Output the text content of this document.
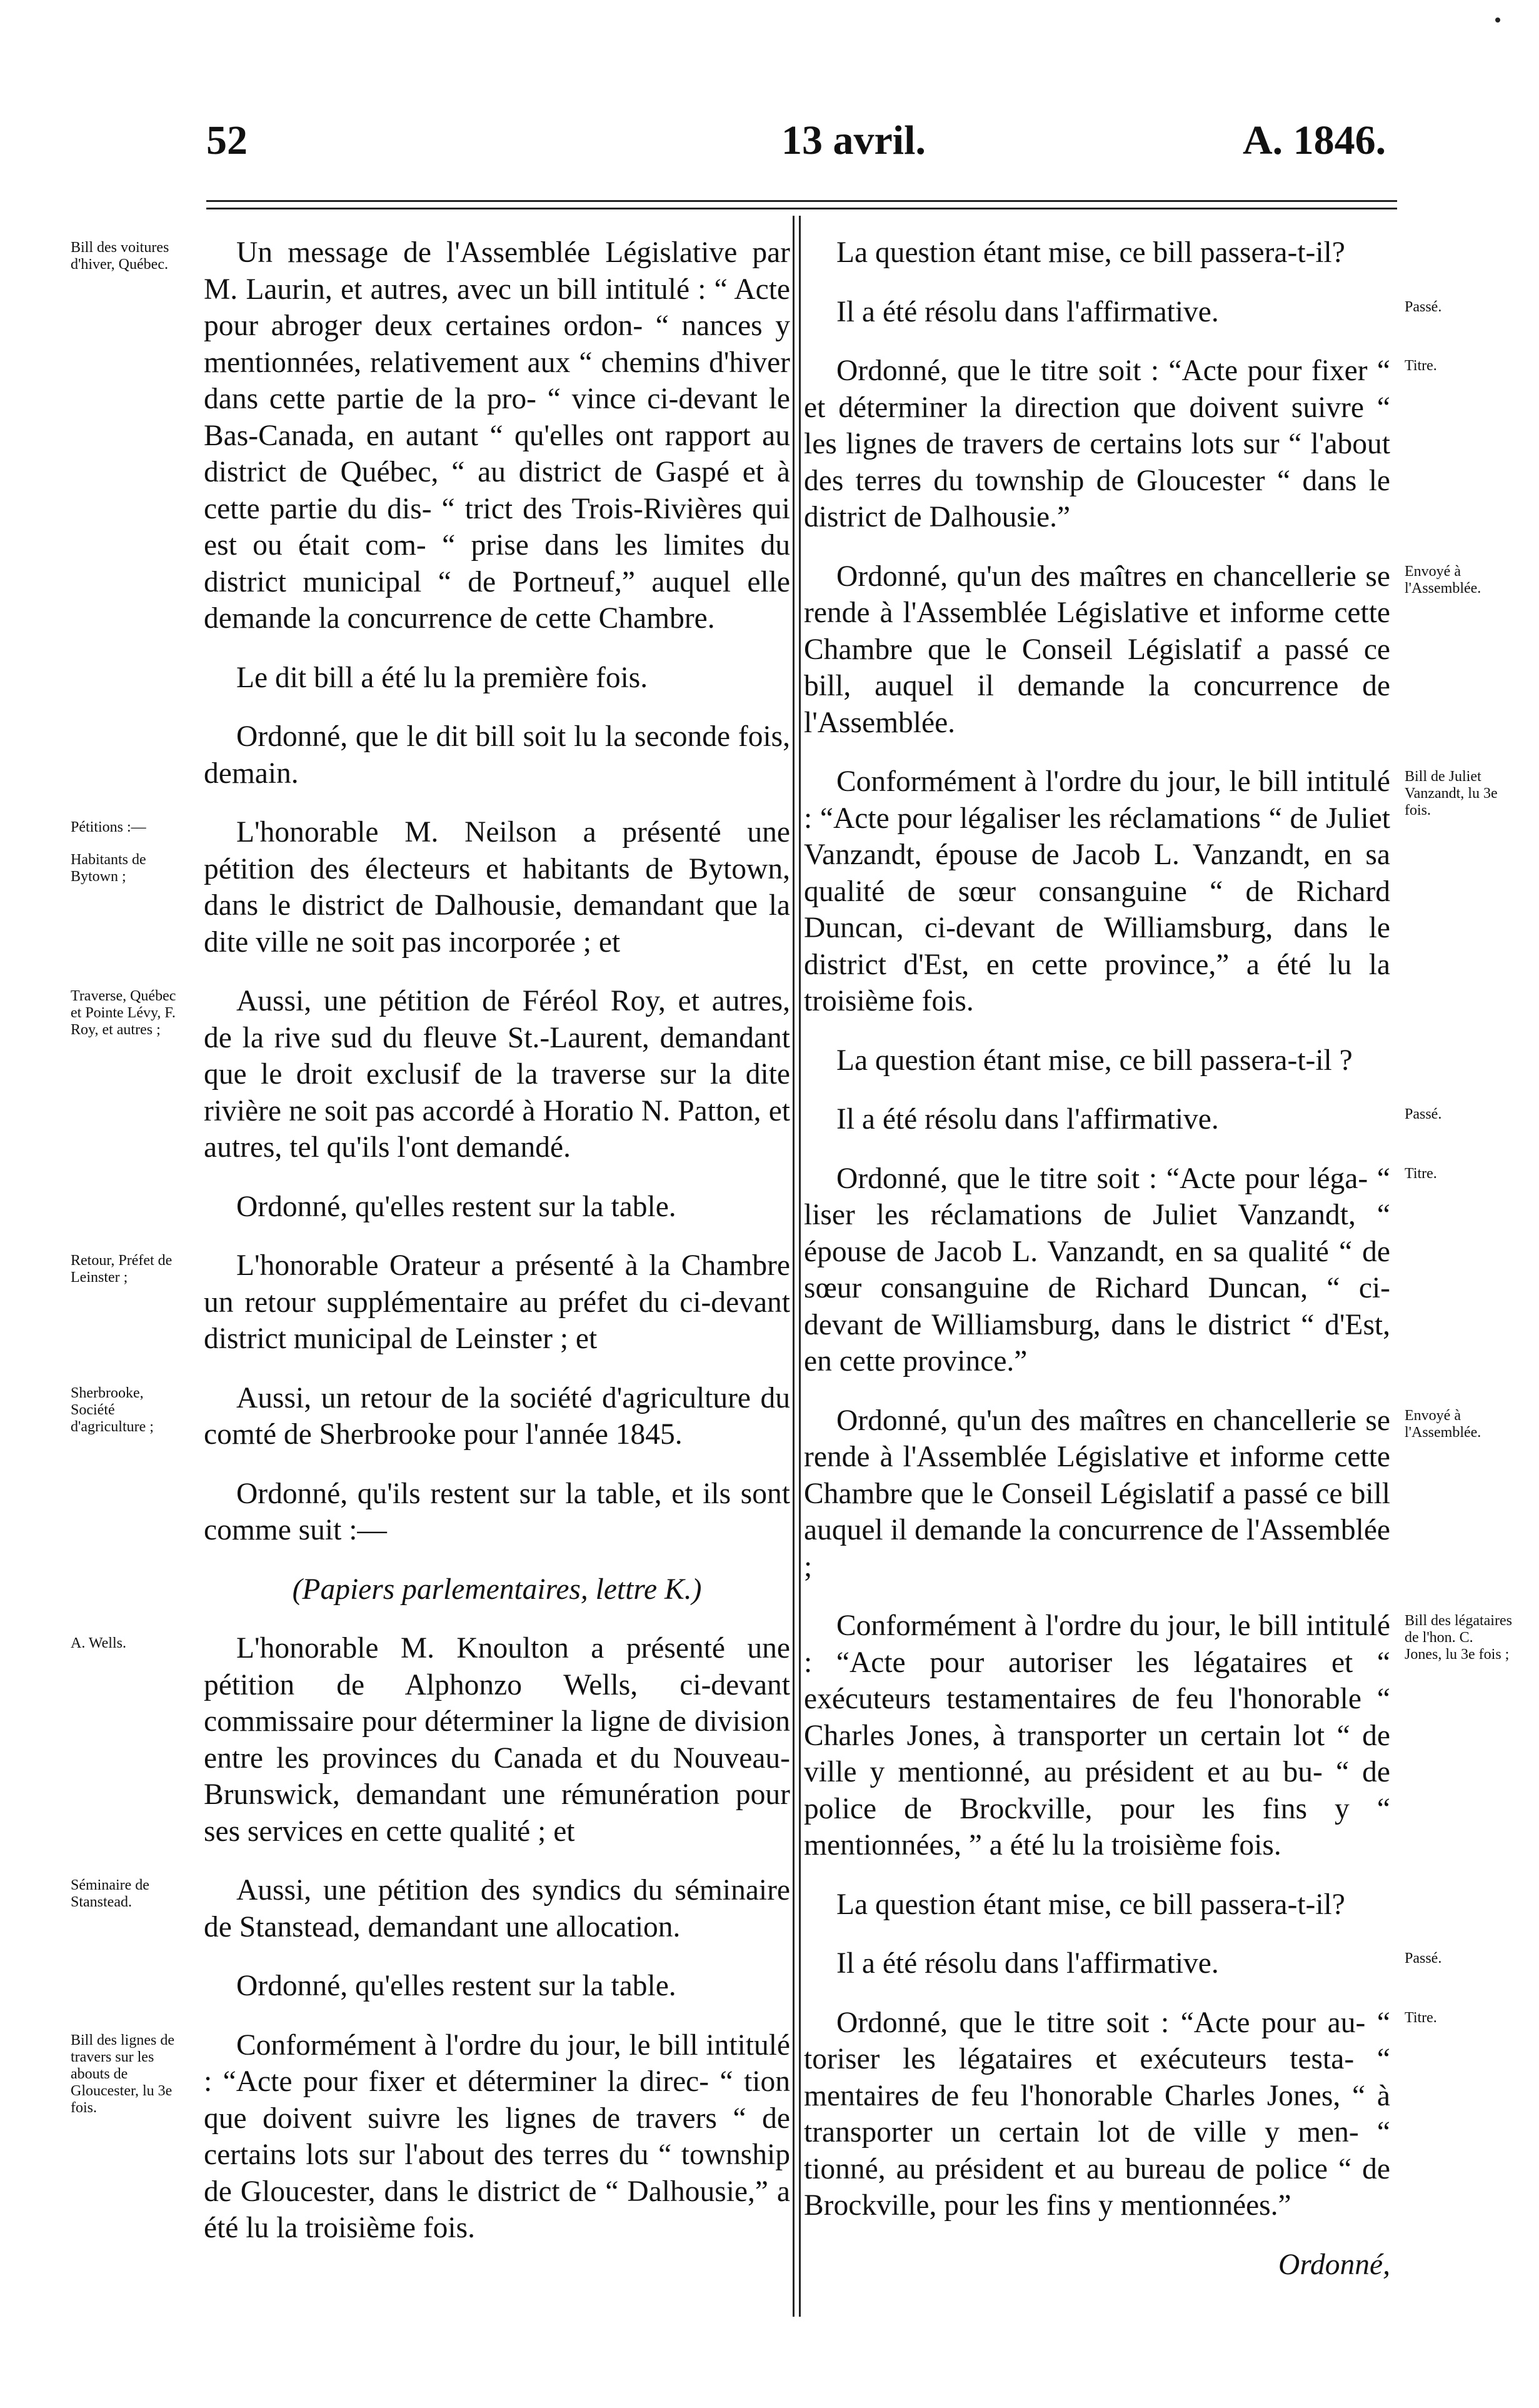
52	13 avril.	A. 1846.
Bill des voitures d'hiver, Québec.	Un message de l'Assemblée Législative par M. Laurin, et autres, avec un bill intitulé : “ Acte pour abroger deux certaines ordon- “ nances y mentionnées, relativement aux “ chemins d'hiver dans cette partie de la pro- “ vince ci-devant le Bas-Canada, en autant “ qu'elles ont rapport au district de Québec, “ au district de Gaspé et à cette partie du dis- “ trict des Trois-Rivières qui est ou était com- “ prise dans les limites du district municipal “ de Portneuf,” auquel elle demande la concurrence de cette Chambre.
Le dit bill a été lu la première fois.
Ordonné, que le dit bill soit lu la seconde fois, demain.
Pétitions :—
Habitants de Bytown ;
L'honorable M. Neilson a présenté une pétition des électeurs et habitants de Bytown, dans le district de Dalhousie, demandant que la dite ville ne soit pas incorporée ; et
Traverse, Québec et Pointe Lévy, F. Roy, et autres ;
Aussi, une pétition de Féréol Roy, et autres, de la rive sud du fleuve St.-Laurent, demandant que le droit exclusif de la traverse sur la dite rivière ne soit pas accordé à Horatio N. Patton, et autres, tel qu'ils l'ont demandé.
Ordonné, qu'elles restent sur la table.
Retour, Préfet de Leinster ;	L'honorable Orateur a présenté à la Chambre un retour supplémentaire au préfet du ci-devant district municipal de Leinster ; et
Sherbrooke, Société d'agriculture ;
Aussi, un retour de la société d'agriculture du comté de Sherbrooke pour l'année 1845.
Ordonné, qu'ils restent sur la table, et ils sont comme suit :—
(Papiers parlementaires, lettre K.)
A. Wells.	L'honorable M. Knoulton a présenté une pétition de Alphonzo Wells, ci-devant commissaire pour déterminer la ligne de division entre les provinces du Canada et du Nouveau-Brunswick, demandant une rémunération pour ses services en cette qualité ; et
Séminaire de Stanstead.	Aussi, une pétition des syndics du séminaire de Stanstead, demandant une allocation.
Ordonné, qu'elles restent sur la table.
Bill des lignes de travers sur les abouts de Gloucester, lu 3e fois.
Conformément à l'ordre du jour, le bill intitulé : “Acte pour fixer et déterminer la direc- “ tion que doivent suivre les lignes de travers “ de certains lots sur l'about des terres du “ township de Gloucester, dans le district de “ Dalhousie,” a été lu la troisième fois.
La question étant mise, ce bill passera-t-il?
Passé.
Il a été résolu dans l'affirmative.
Titre.
Ordonné, que le titre soit : “Acte pour fixer “ et déterminer la direction que doivent suivre “ les lignes de travers de certains lots sur “ l'about des terres du township de Gloucester “ dans le district de Dalhousie.”
Envoyé à l'Assemblée.
Ordonné, qu'un des maîtres en chancellerie se rende à l'Assemblée Législative et informe cette Chambre que le Conseil Législatif a passé ce bill, auquel il demande la concurrence de l'Assemblée.
Bill de Juliet Vanzandt, lu 3e fois.
Conformément à l'ordre du jour, le bill intitulé : “Acte pour légaliser les réclamations “ de Juliet Vanzandt, épouse de Jacob L. Vanzandt, en sa qualité de sœur consanguine “ de Richard Duncan, ci-devant de Williamsburg, dans le district d'Est, en cette province,” a été lu la troisième fois.
La question étant mise, ce bill passera-t-il ?
Passé.
Il a été résolu dans l'affirmative.
Titre.
Ordonné, que le titre soit : “Acte pour léga- “ liser les réclamations de Juliet Vanzandt, “ épouse de Jacob L. Vanzandt, en sa qualité “ de sœur consanguine de Richard Duncan, “ ci-devant de Williamsburg, dans le district “ d'Est, en cette province.”
Envoyé à l'Assemblée.
Ordonné, qu'un des maîtres en chancellerie se rende à l'Assemblée Législative et informe cette Chambre que le Conseil Législatif a passé ce bill auquel il demande la concurrence de l'Assemblée ;
Bill des légataires de l'hon. C. Jones, lu 3e fois ;
Conformément à l'ordre du jour, le bill intitulé : “Acte pour autoriser les légataires et “ exécuteurs testamentaires de feu l'honorable “ Charles Jones, à transporter un certain lot “ de ville y mentionné, au président et au bu- “ de police de Brockville, pour les fins y “ mentionnées, ” a été lu la troisième fois.
La question étant mise, ce bill passera-t-il?
Passé.
Il a été résolu dans l'affirmative.
Titre.
Ordonné, que le titre soit : “Acte pour au- “ toriser les légataires et exécuteurs testa- “ mentaires de feu l'honorable Charles Jones, “ à transporter un certain lot de ville y men- “ tionné, au président et au bureau de police “ de Brockville, pour les fins y mentionnées.”
Ordonné,
